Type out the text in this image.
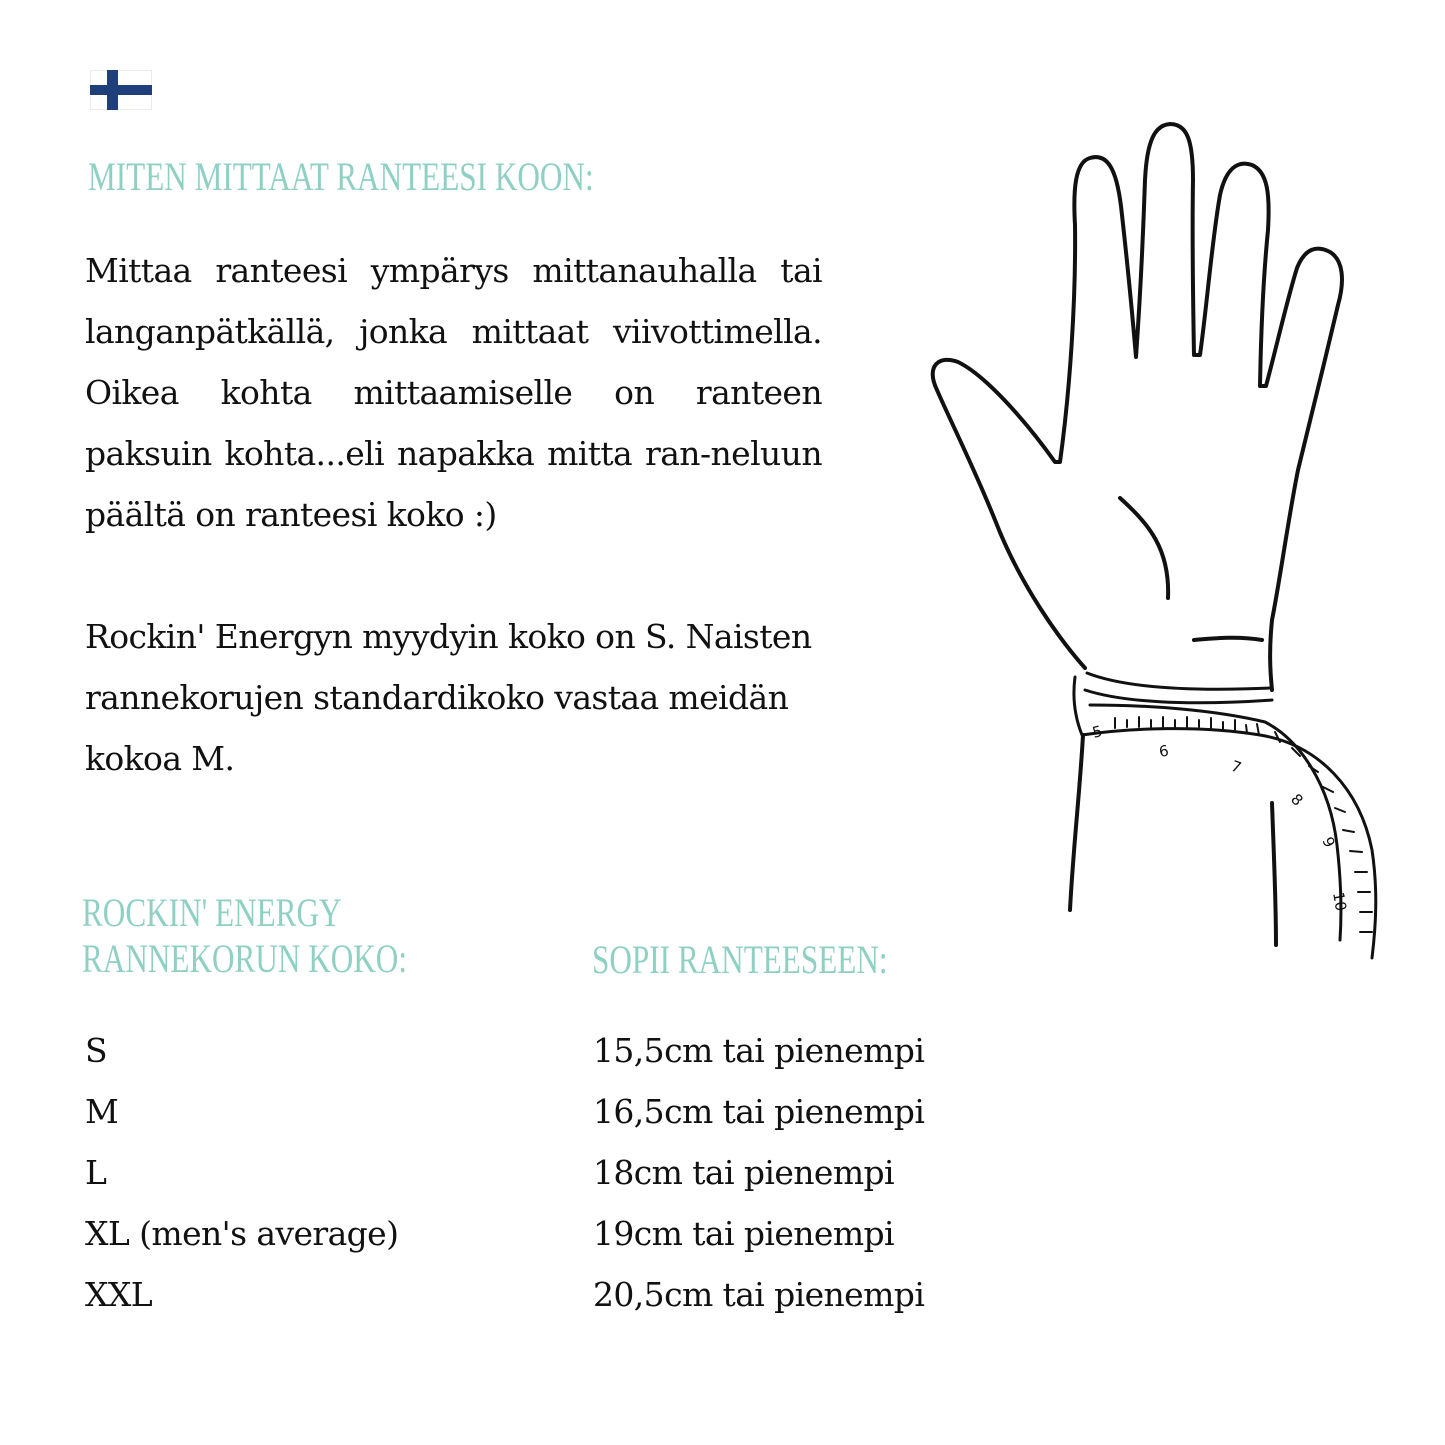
MITEN MITTAAT RANTEESI KOON:

Mittaa ranteesi ympärys mittanauhalla tai langanpätkällä, jonka mittaat viivottimella. Oikea kohta mittaamiselle on ranteen paksuin kohta...eli napakka mitta ran-neluun päältä on ranteesi koko :)

Rockin' Energyn myydyin koko on S. Naisten rannekorujen standardikoko vastaa meidän kokoa M.

ROCKIN' ENERGY
RANNEKORUN KOKO:	SOPII RANTEESEEN:
S	15,5cm tai pienempi
M	16,5cm tai pienempi
L	18cm tai pienempi
XL (men's average)	19cm tai pienempi
XXL	20,5cm tai pienempi
5
6
7
8
9
10
